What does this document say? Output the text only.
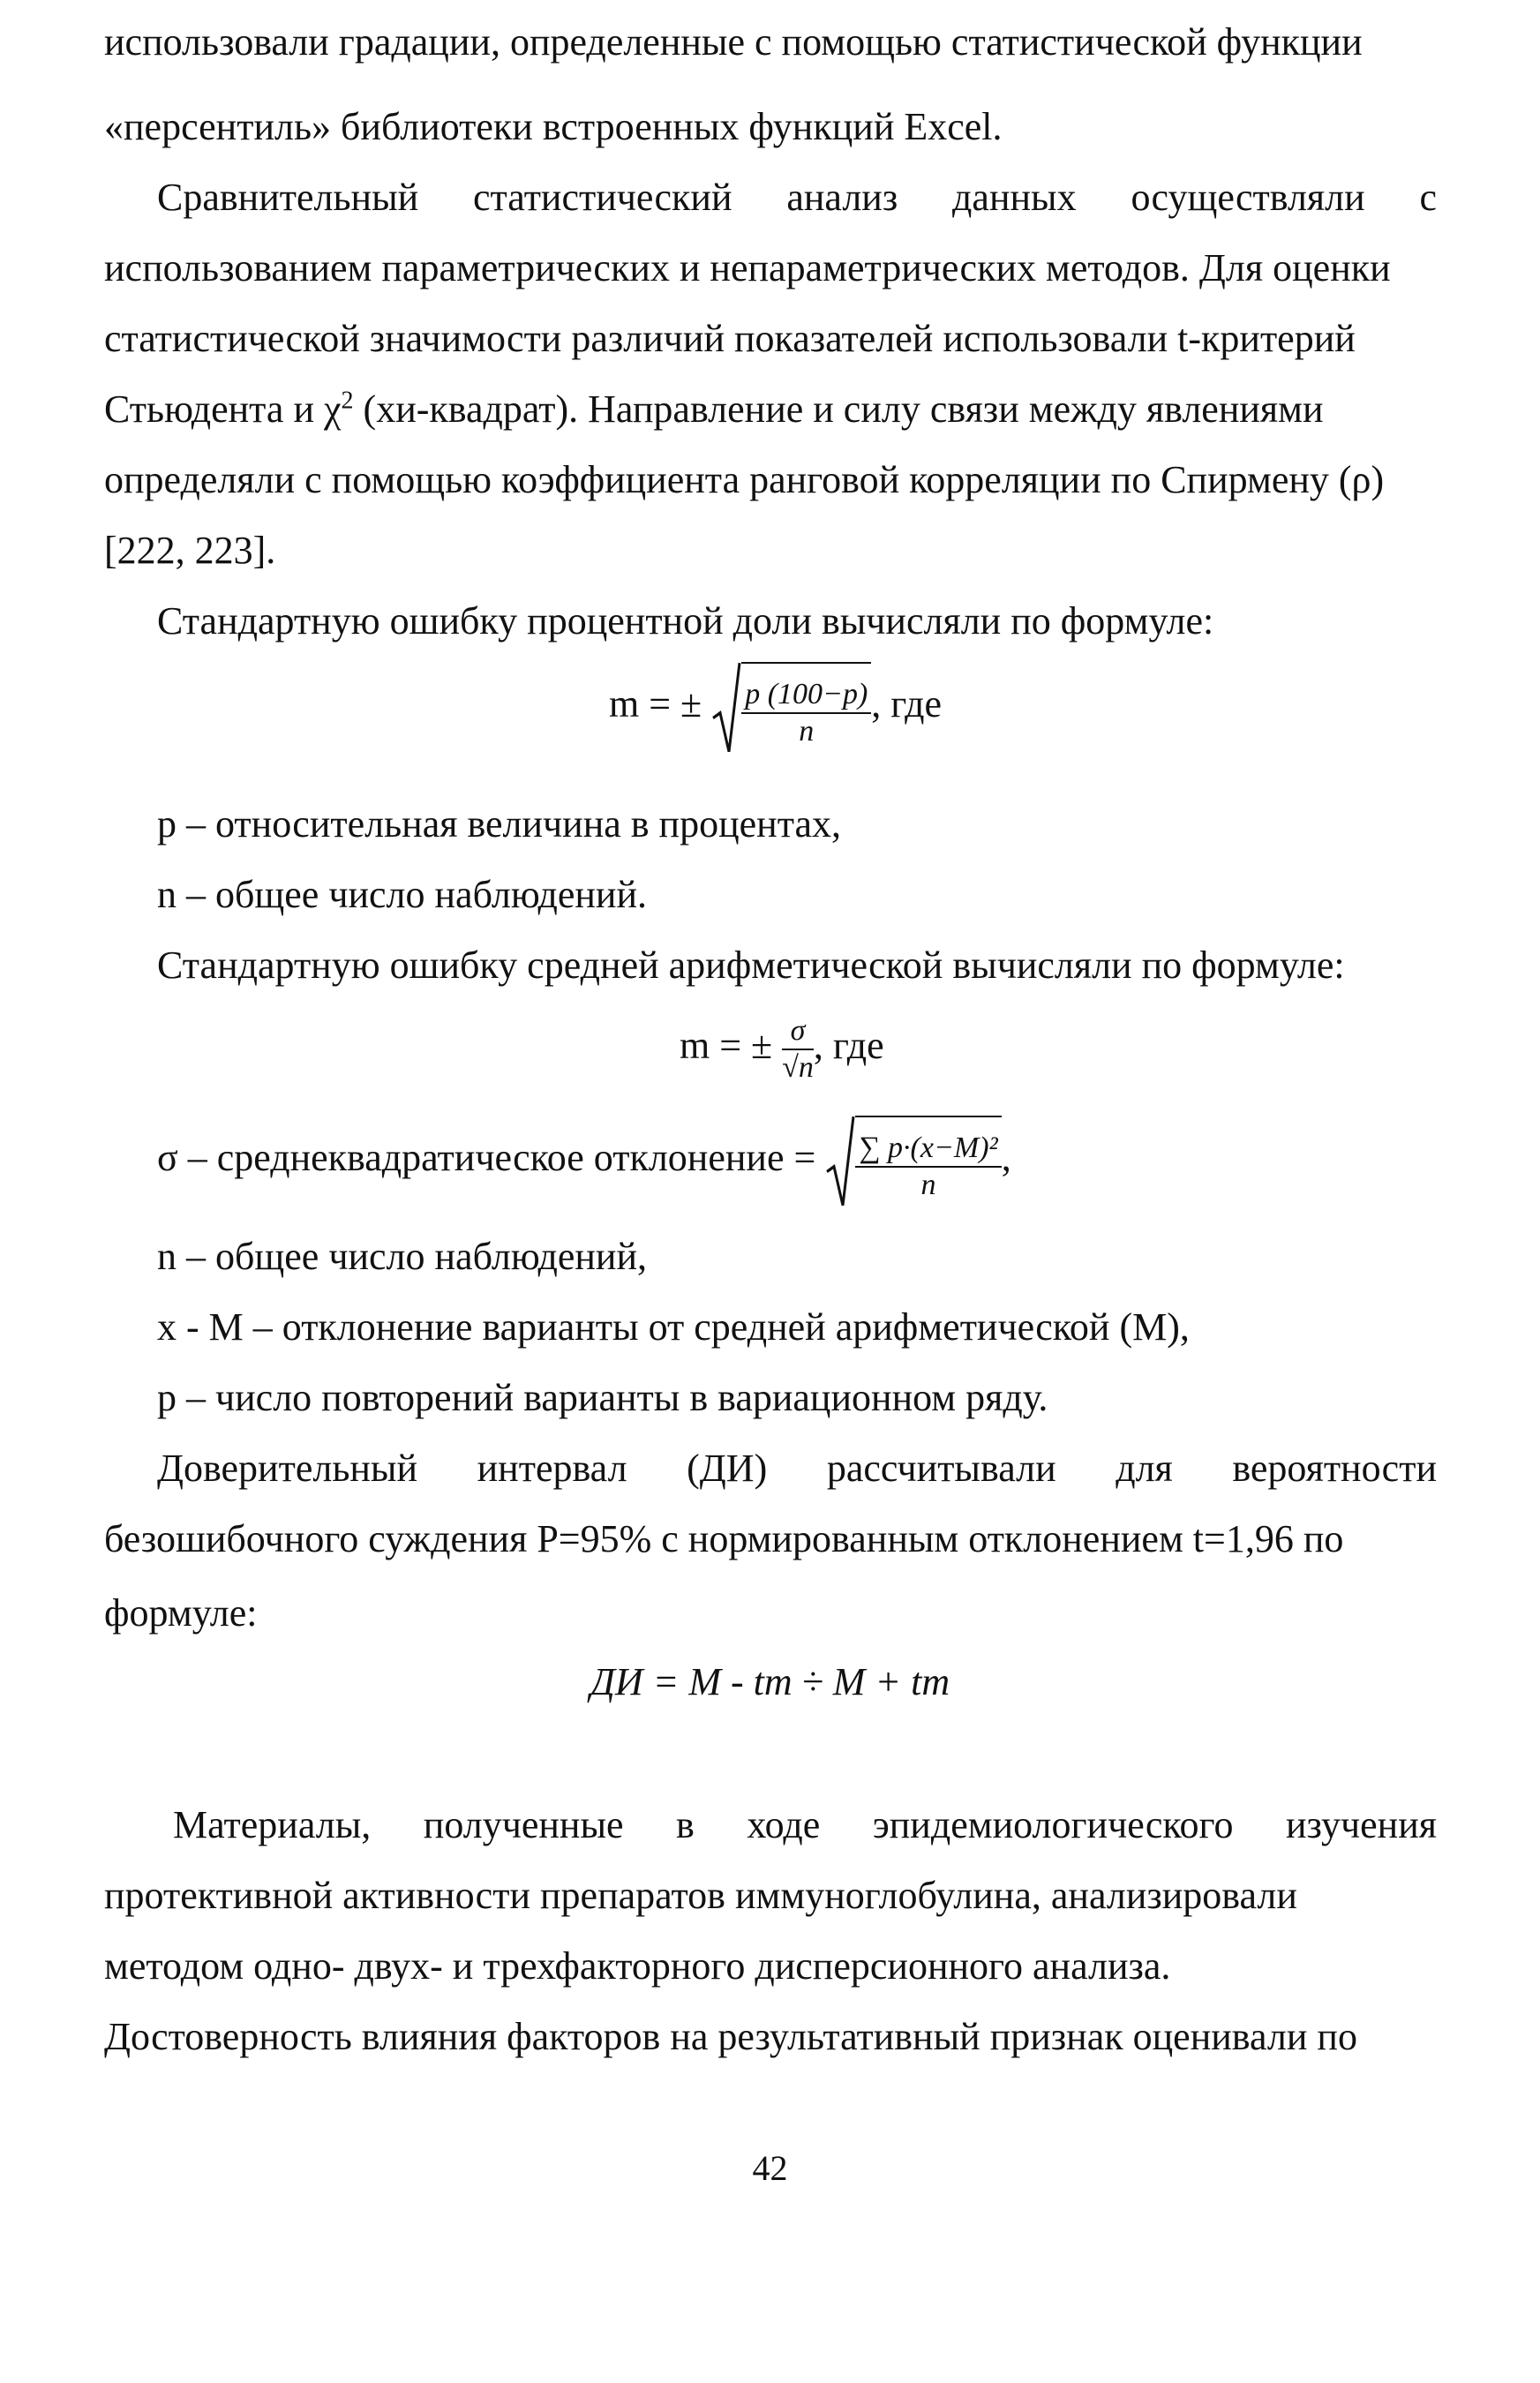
использовали градации, определенные с помощью статистической функции
«персентиль» библиотеки встроенных функций Excel.
Сравнительный статистический анализ данных осуществляли с
использованием параметрических и непараметрических методов. Для оценки
статистической значимости различий показателей использовали t-критерий
Стьюдента и $\chi^2$ (хи-квадрат). Направление и силу связи между явлениями
определяли с помощью коэффициента ранговой корреляции по Спирмену (ρ)
[222, 223].
Стандартную ошибку процентной доли вычисляли по формуле:
m = ± $\frac{p (100-p)}{n}$ , где
p – относительная величина в процентах,
n – общее число наблюдений.
Стандартную ошибку средней арифметической вычисляли по формуле:
m = ± $\frac{\sigma}{√n}$ , где
σ – среднеквадратическое отклонение = $\frac{\text{∑ p·(x−M)²}}{n}$ ,
n – общее число наблюдений,
x - M – отклонение варианты от средней арифметической (M),
p – число повторений варианты в вариационном ряду.
Доверительный интервал (ДИ) рассчитывали для вероятности
безошибочного суждения P=95% с нормированным отклонением t=1,96 по
формуле:
ДИ = M - tm ÷ M + tm
Материалы, полученные в ходе эпидемиологического изучения
протективной активности препаратов иммуноглобулина, анализировали
методом одно- двух- и трехфакторного дисперсионного анализа.
Достоверность влияния факторов на результативный признак оценивали по
42
